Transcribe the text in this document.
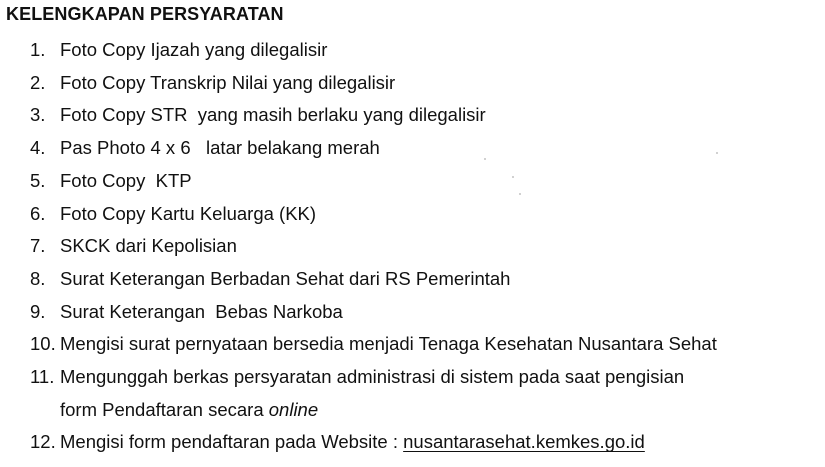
KELENGKAPAN PERSYARATAN
1. Foto Copy Ijazah yang dilegalisir
2. Foto Copy Transkrip Nilai yang dilegalisir
3. Foto Copy STR  yang masih berlaku yang dilegalisir
4. Pas Photo 4 x 6   latar belakang merah
5. Foto Copy  KTP
6. Foto Copy Kartu Keluarga (KK)
7. SKCK dari Kepolisian
8. Surat Keterangan Berbadan Sehat dari RS Pemerintah
9. Surat Keterangan  Bebas Narkoba
10. Mengisi surat pernyataan bersedia menjadi Tenaga Kesehatan Nusantara Sehat
11. Mengunggah berkas persyaratan administrasi di sistem pada saat pengisian
form Pendaftaran secara online
12. Mengisi form pendaftaran pada Website : nusantarasehat.kemkes.go.id
